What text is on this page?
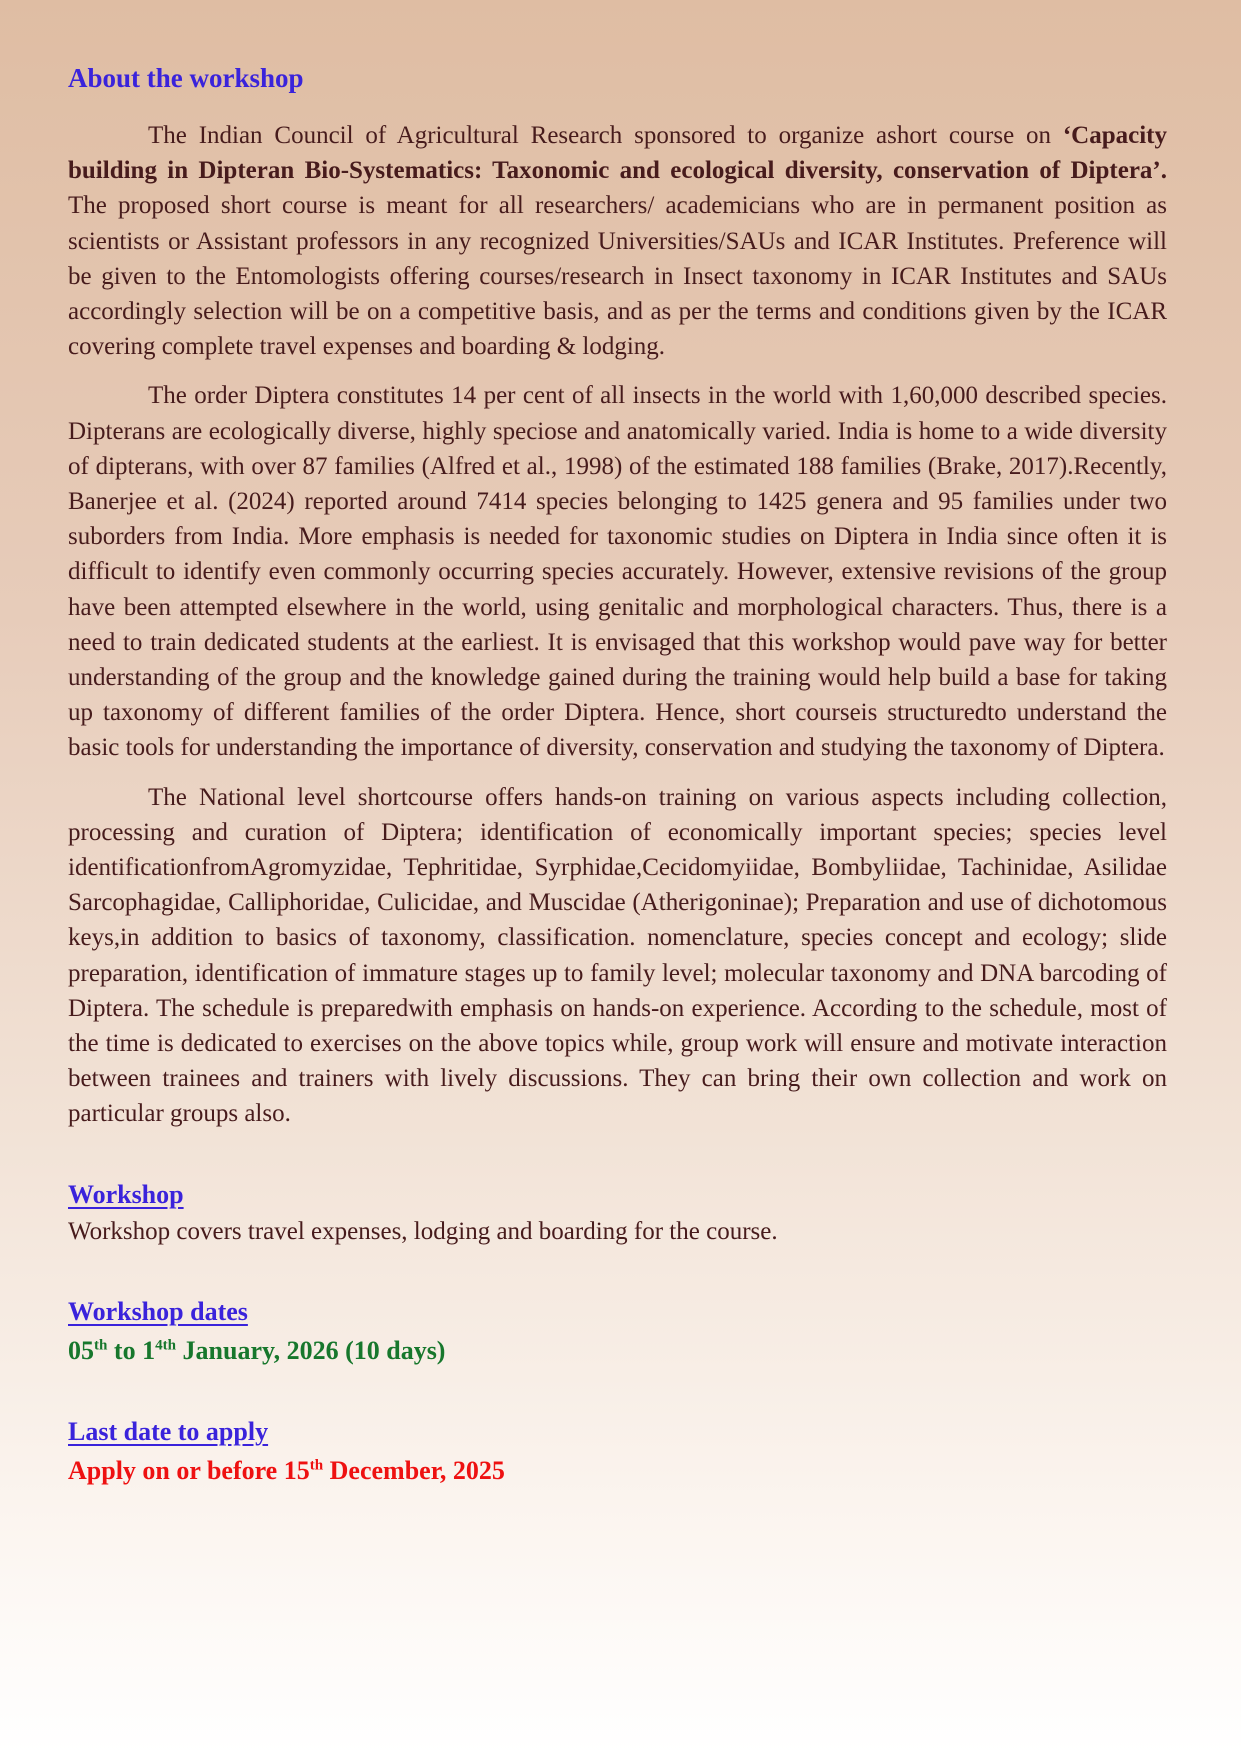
About the workshop

The Indian Council of Agricultural Research sponsored to organize ashort course on ‘Capacity building in Dipteran Bio-Systematics: Taxonomic and ecological diversity, conservation of Diptera’. The proposed short course is meant for all researchers/ academicians who are in permanent position as scientists or Assistant professors in any recognized Universities/SAUs and ICAR Institutes. Preference will be given to the Entomologists offering courses/research in Insect taxonomy in ICAR Institutes and SAUs accordingly selection will be on a competitive basis, and as per the terms and conditions given by the ICAR covering complete travel expenses and boarding & lodging.

The order Diptera constitutes 14 per cent of all insects in the world with 1,60,000 described species. Dipterans are ecologically diverse, highly speciose and anatomically varied. India is home to a wide diversity of dipterans, with over 87 families (Alfred et al., 1998) of the estimated 188 families (Brake, 2017).Recently, Banerjee et al. (2024) reported around 7414 species belonging to 1425 genera and 95 families under two suborders from India. More emphasis is needed for taxonomic studies on Diptera in India since often it is difficult to identify even commonly occurring species accurately. However, extensive revisions of the group have been attempted elsewhere in the world, using genitalic and morphological characters. Thus, there is a need to train dedicated students at the earliest. It is envisaged that this workshop would pave way for better understanding of the group and the knowledge gained during the training would help build a base for taking up taxonomy of different families of the order Diptera. Hence, short courseis structuredto understand the basic tools for understanding the importance of diversity, conservation and studying the taxonomy of Diptera.

The National level shortcourse offers hands-on training on various aspects including collection, processing and curation of Diptera; identification of economically important species; species level identificationfromAgromyzidae, Tephritidae, Syrphidae,Cecidomyiidae, Bombyliidae, Tachinidae, Asilidae Sarcophagidae, Calliphoridae, Culicidae, and Muscidae (Atherigoninae); Preparation and use of dichotomous keys,in addition to basics of taxonomy, classification. nomenclature, species concept and ecology; slide preparation, identification of immature stages up to family level; molecular taxonomy and DNA barcoding of Diptera. The schedule is preparedwith emphasis on hands-on experience. According to the schedule, most of the time is dedicated to exercises on the above topics while, group work will ensure and motivate interaction between trainees and trainers with lively discussions. They can bring their own collection and work on particular groups also.

Workshop
Workshop covers travel expenses, lodging and boarding for the course.
Workshop dates
05th to $1^{4th}$ January, 2026 (10 days)
Last date to apply
Apply on or before 15th December, 2025
